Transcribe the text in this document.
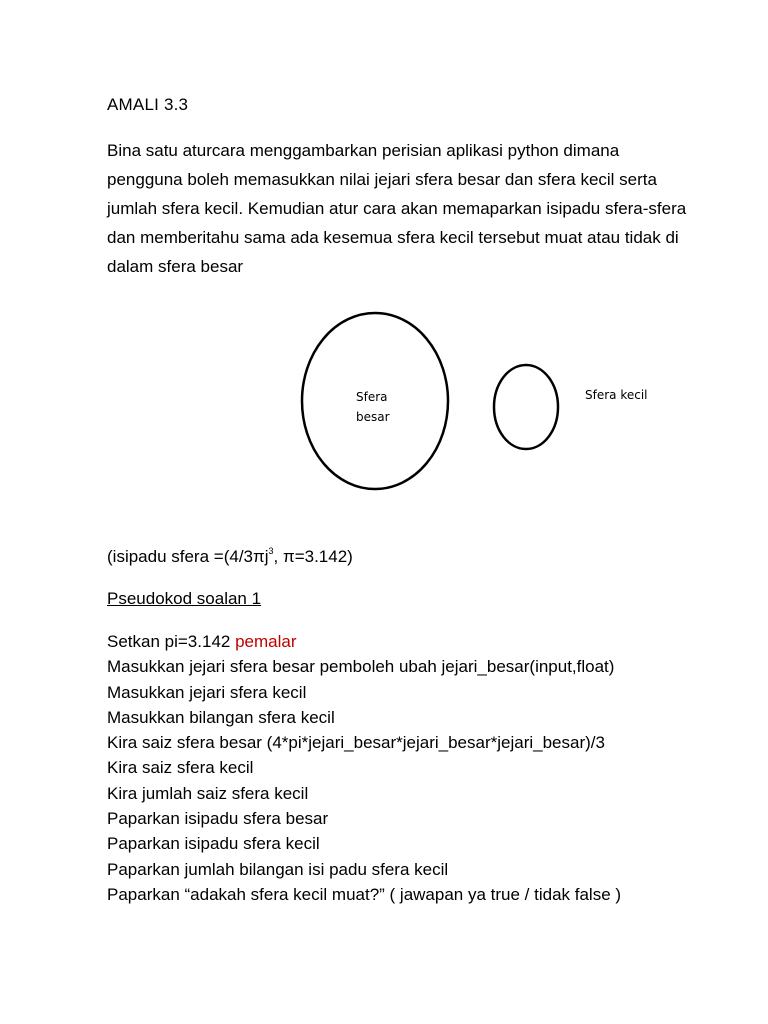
AMALI 3.3

Bina satu aturcara menggambarkan perisian aplikasi python dimana pengguna boleh memasukkan nilai jejari sfera besar dan sfera kecil serta jumlah sfera kecil. Kemudian atur cara akan memaparkan isipadu sfera-sfera dan memberitahu sama ada kesemua sfera kecil tersebut muat atau tidak di dalam sfera besar

Sfera
besar
Sfera kecil
(isipadu sfera $=(4/3\pi j^3$, π=3.142)
Pseudokod soalan 1
Setkan pi=3.142 pemalar
Masukkan jejari sfera besar pemboleh ubah jejari_besar(input,float)
Masukkan jejari sfera kecil
Masukkan bilangan sfera kecil
Kira saiz sfera besar (4*pi*jejari_besar*jejari_besar*jejari_besar)/3
Kira saiz sfera kecil
Kira jumlah saiz sfera kecil
Paparkan isipadu sfera besar
Paparkan isipadu sfera kecil
Paparkan jumlah bilangan isi padu sfera kecil
Paparkan “adakah sfera kecil muat?” ( jawapan ya true / tidak false )
